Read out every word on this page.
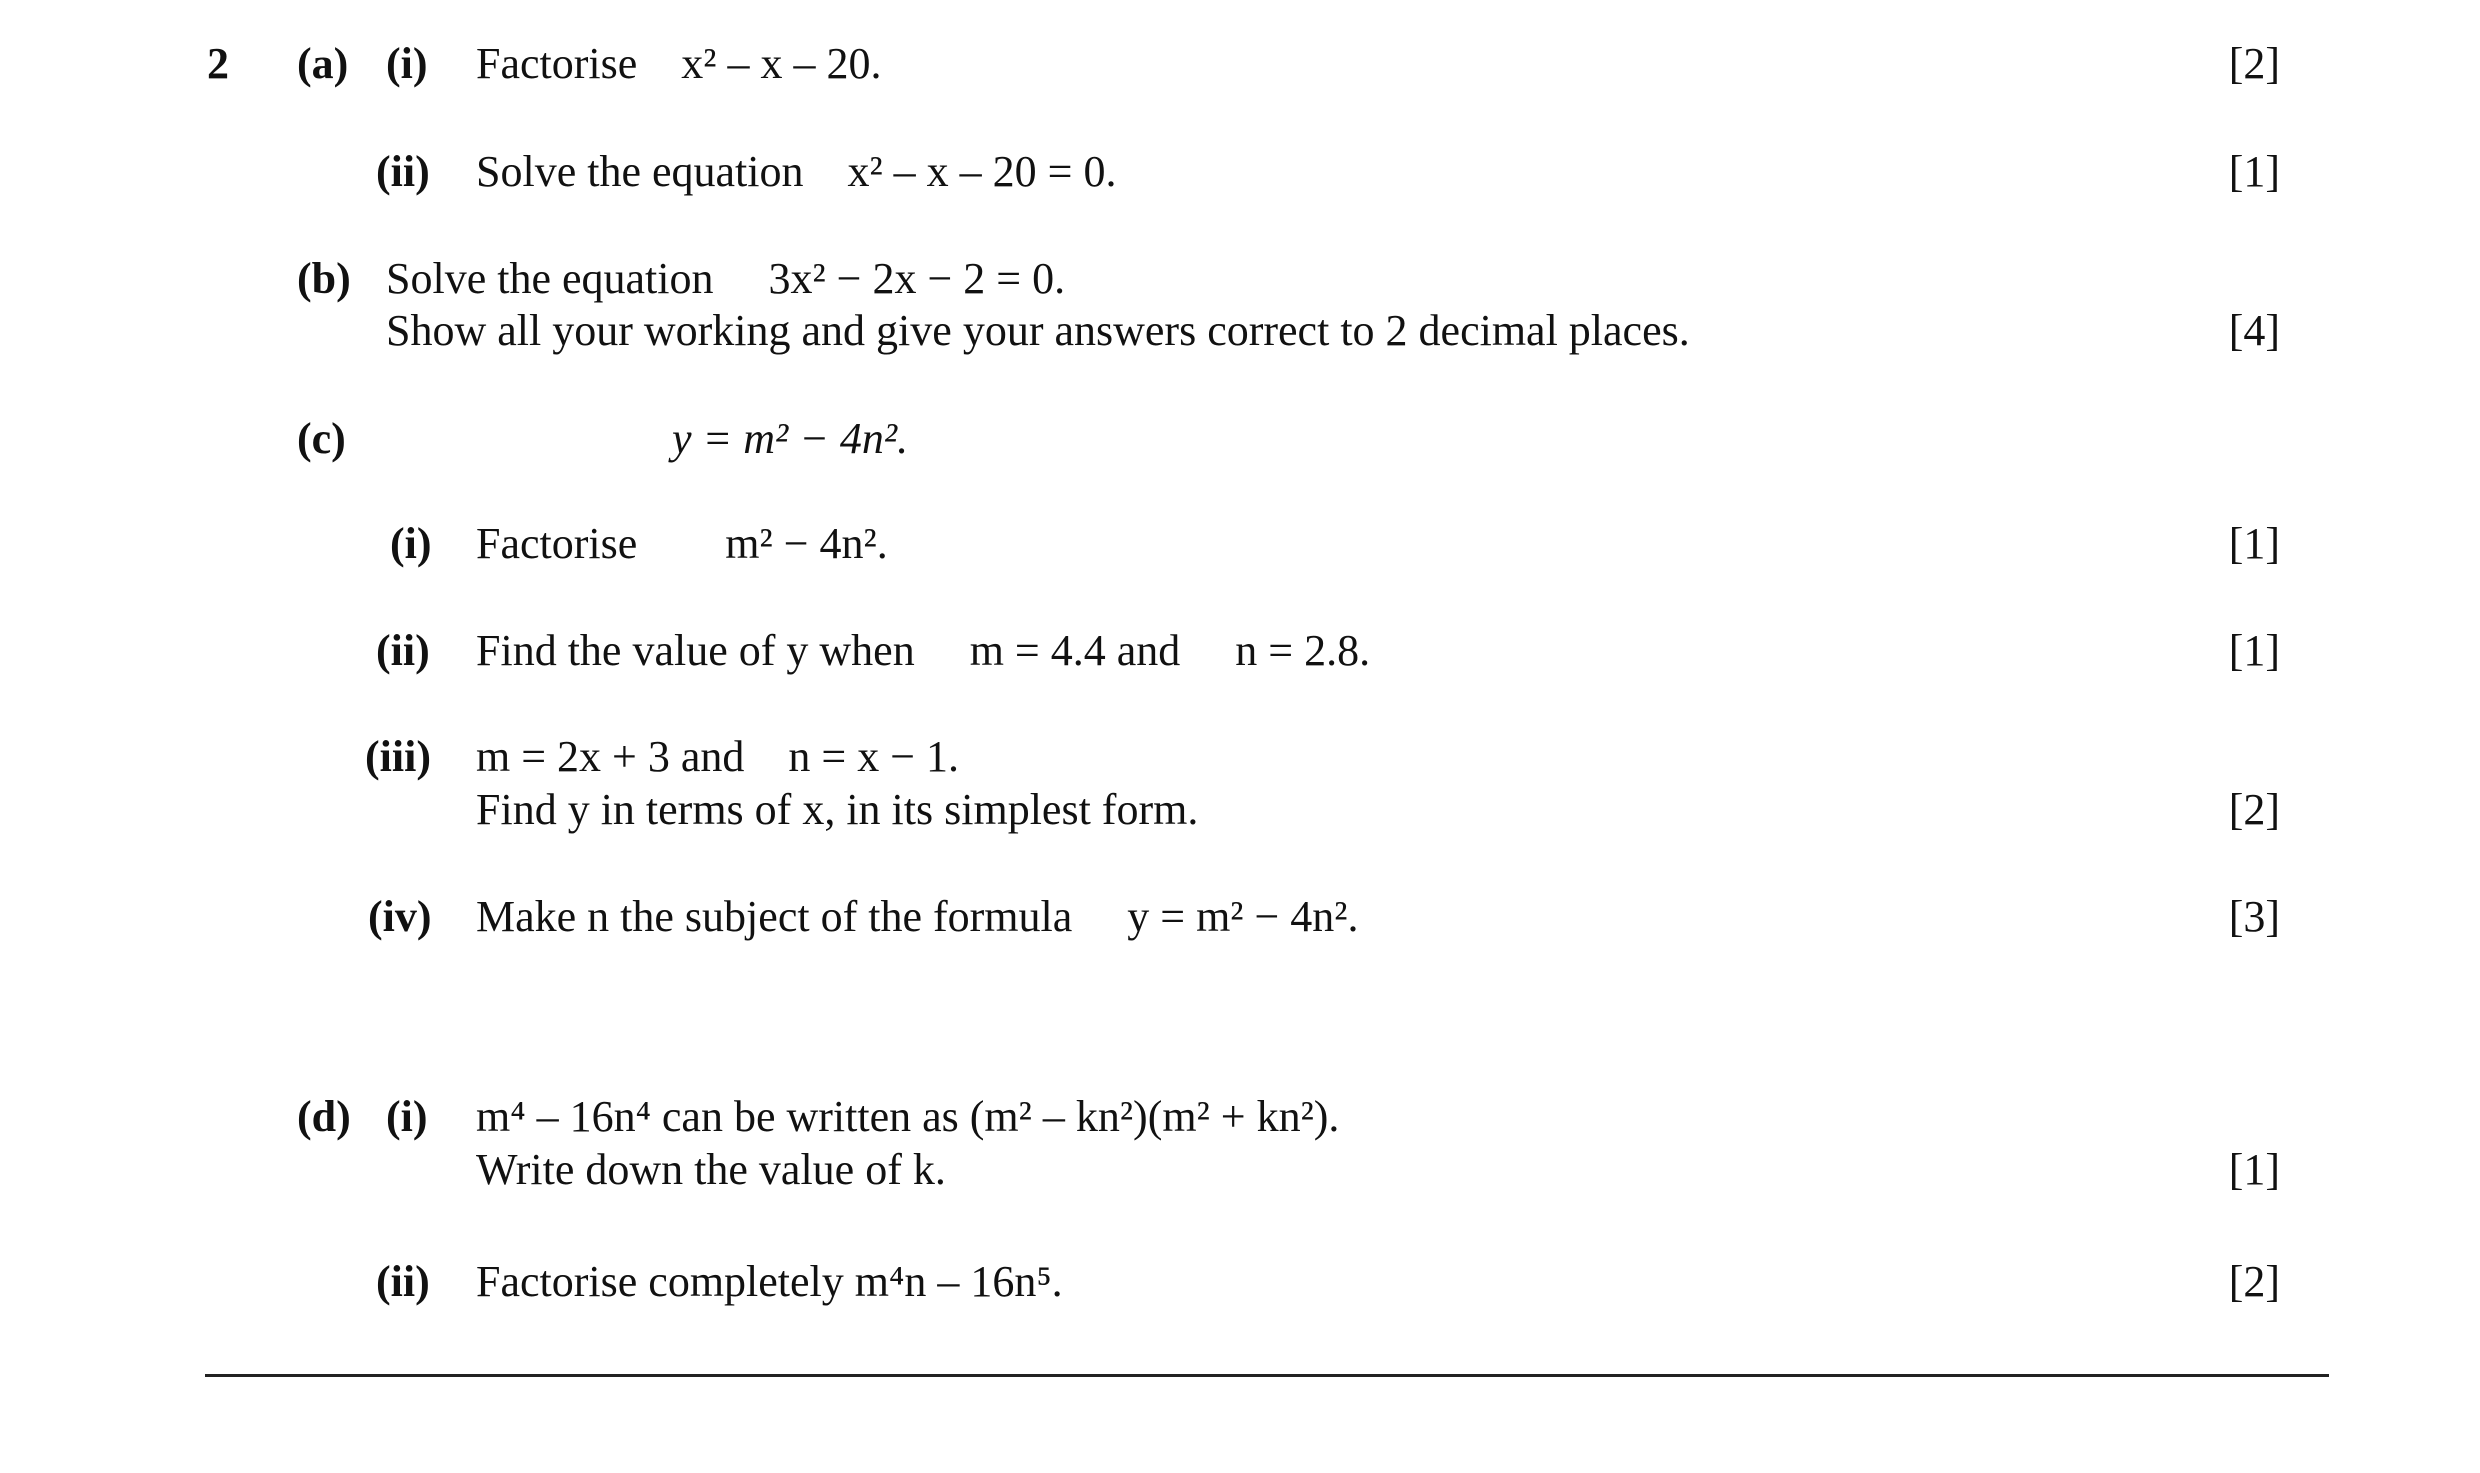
2 (a) (i) Factorise x² – x – 20.	[2]
(ii) Solve the equation x² – x – 20 = 0.	[1]
(b) Solve the equation  3x² − 2x − 2 = 0.
Show all your working and give your answers correct to 2 decimal places.	[4]
(c)	y = m² − 4n².
(i) Factorise  m² − 4n².	[1]
(ii) Find the value of y when  m = 4.4 and  n = 2.8.	[1]
(iii) m = 2x + 3 and n = x − 1.
Find y in terms of x, in its simplest form.	[2]
(iv) Make n the subject of the formula  y = m² − 4n².	[3]
(d) (i) m⁴ – 16n⁴ can be written as (m² – kn²)(m² + kn²).
Write down the value of k.	[1]
(ii) Factorise completely m⁴n – 16n⁵.	[2]
